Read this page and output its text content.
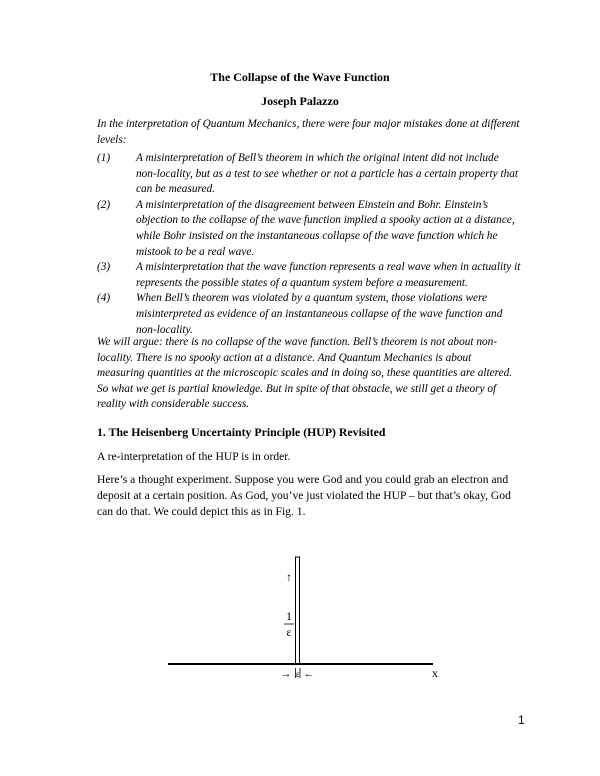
The Collapse of the Wave Function
Joseph Palazzo

In the interpretation of Quantum Mechanics, there were four major mistakes done at different levels:

(1)	A misinterpretation of Bell’s theorem in which the original intent did not include non-locality, but as a test to see whether or not a particle has a certain property that can be measured.
(2)	A misinterpretation of the disagreement between Einstein and Bohr. Einstein’s objection to the collapse of the wave function implied a spooky action at a distance, while Bohr insisted on the instantaneous collapse of the wave function which he mistook to be a real wave.
(3)	A misinterpretation that the wave function represents a real wave when in actuality it represents the possible states of a quantum system before a measurement.
(4)	When Bell’s theorem was violated by a quantum system, those violations were misinterpreted as evidence of an instantaneous collapse of the wave function and non-locality.

We will argue: there is no collapse of the wave function. Bell’s theorem is not about non-locality. There is no spooky action at a distance. And Quantum Mechanics is about measuring quantities at the microscopic scales and in doing so, these quantities are altered. So what we get is partial knowledge. But in spite of that obstacle, we still get a theory of reality with considerable success.

1. The Heisenberg Uncertainty Principle (HUP) Revisited

A re-interpretation of the HUP is in order.

Here’s a thought experiment. Suppose you were God and you could grab an electron and deposit at a certain position. As God, you’ve just violated the HUP – but that’s okay, God can do that. We could depict this as in Fig. 1.

↑
1
ε
→ ε ←	x
1
